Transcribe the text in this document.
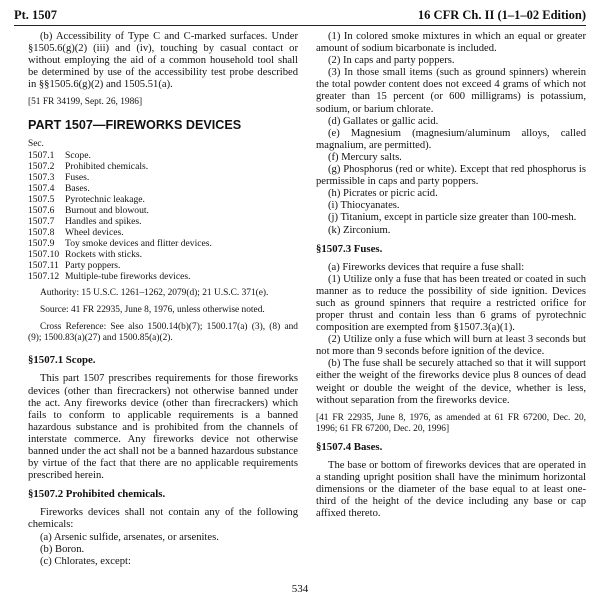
Pt. 1507	16 CFR Ch. II (1–1–02 Edition)

(b) Accessibility of Type C and C-marked surfaces. Under §1505.6(g)(2) (iii) and (iv), touching by casual contact or without employing the aid of a common household tool shall be determined by use of the accessibility test probe described in §§1505.6(g)(2) and 1505.51(a).

[51 FR 34199, Sept. 26, 1986]

PART 1507—FIREWORKS DEVICES

Sec.

1507.1	Scope.
1507.2	Prohibited chemicals.
1507.3	Fuses.
1507.4	Bases.
1507.5	Pyrotechnic leakage.
1507.6	Burnout and blowout.
1507.7	Handles and spikes.
1507.8	Wheel devices.
1507.9	Toy smoke devices and flitter devices.
1507.10 Rockets with sticks.
1507.11 Party poppers.
1507.12 Multiple-tube fireworks devices.

Authority: 15 U.S.C. 1261–1262, 2079(d); 21 U.S.C. 371(e).

Source: 41 FR 22935, June 8, 1976, unless otherwise noted.

Cross Reference: See also 1500.14(b)(7); 1500.17(a) (3), (8) and (9); 1500.83(a)(27) and 1500.85(a)(2).

§1507.1 Scope.

This part 1507 prescribes requirements for those fireworks devices (other than firecrackers) not otherwise banned under the act. Any fireworks device (other than firecrackers) which fails to conform to applicable requirements is a banned hazardous substance and is prohibited from the channels of interstate commerce. Any fireworks device not otherwise banned under the act shall not be a banned hazardous substance by virtue of the fact that there are no applicable requirements prescribed herein.

§1507.2 Prohibited chemicals.

Fireworks devices shall not contain any of the following chemicals:

(a) Arsenic sulfide, arsenates, or arsenites.

(b) Boron.

(c) Chlorates, except:

(1) In colored smoke mixtures in which an equal or greater amount of sodium bicarbonate is included.

(2) In caps and party poppers.

(3) In those small items (such as ground spinners) wherein the total powder content does not exceed 4 grams of which not greater than 15 percent (or 600 milligrams) is potassium, sodium, or barium chlorate.

(d) Gallates or gallic acid.

(e) Magnesium (magnesium/aluminum alloys, called magnalium, are permitted).

(f) Mercury salts.

(g) Phosphorus (red or white). Except that red phosphorus is permissible in caps and party poppers.

(h) Picrates or picric acid.

(i) Thiocyanates.

(j) Titanium, except in particle size greater than 100-mesh.

(k) Zirconium.

§1507.3 Fuses.

(a) Fireworks devices that require a fuse shall:

(1) Utilize only a fuse that has been treated or coated in such manner as to reduce the possibility of side ignition. Devices such as ground spinners that require a restricted orifice for proper thrust and contain less than 6 grams of pyrotechnic composition are exempted from §1507.3(a)(1).

(2) Utilize only a fuse which will burn at least 3 seconds but not more than 9 seconds before ignition of the device.

(b) The fuse shall be securely attached so that it will support either the weight of the fireworks device plus 8 ounces of dead weight or double the weight of the device, whether is less, without separation from the fireworks device.

[41 FR 22935, June 8, 1976, as amended at 61 FR 67200, Dec. 20, 1996; 61 FR 67200, Dec. 20, 1996]

§1507.4 Bases.

The base or bottom of fireworks devices that are operated in a standing upright position shall have the minimum horizontal dimensions or the diameter of the base equal to at least one-third of the height of the device including any base or cap affixed thereto.

534
